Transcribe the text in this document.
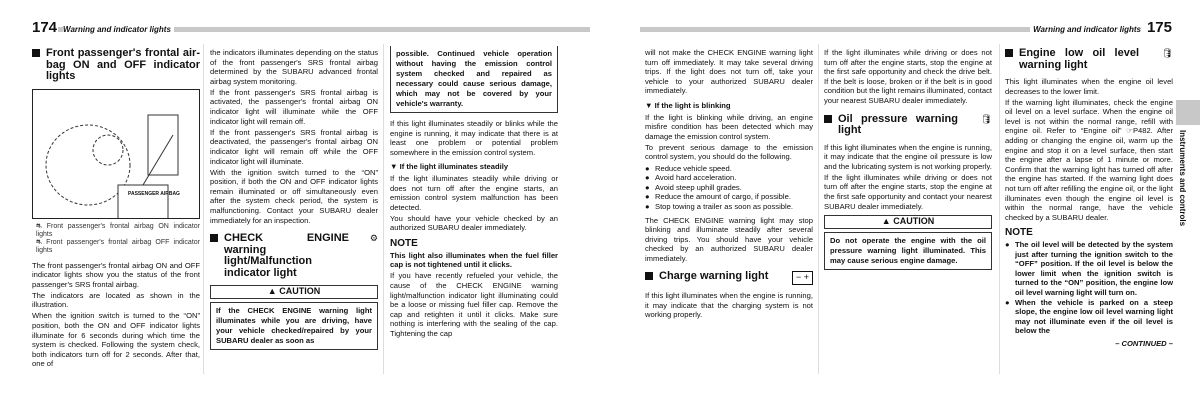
174 Warning and indicator lights	Warning and indicator lights 175
Instruments and controls
Front passenger's frontal air-bag ON and OFF indicator lights
PASSENGER AIRBAG
⛐ Front passenger's frontal airbag ON indicator lights
⛐ Front passenger's frontal airbag OFF indicator lights

The front passenger's frontal airbag ON and OFF indicator lights show you the status of the front passenger's SRS frontal airbag.

The indicators are located as shown in the illustration.

When the ignition switch is turned to the “ON” position, both the ON and OFF indicator lights illuminate for 6 seconds during which time the system is checked. Following the system check, both indicators turn off for 2 seconds. After that, one of

the indicators illuminates depending on the status of the front passenger's SRS frontal airbag determined by the SUBARU advanced frontal airbag system monitoring.

If the front passenger's SRS frontal airbag is activated, the passenger's frontal airbag ON indicator light will illuminate while the OFF indicator light will remain off.

If the front passenger's SRS frontal airbag is deactivated, the passenger's frontal airbag ON indicator light will remain off while the OFF indicator light will illuminate.

With the ignition switch turned to the “ON” position, if both the ON and OFF indicator lights remain illuminated or off simultaneously even after the system check period, the system is malfunctioning. Contact your SUBARU dealer immediately for an inspection.

CHECK ENGINE warning light/Malfunction indicator light
⚙
▲ CAUTION
If the CHECK ENGINE warning light illuminates while you are driving, have your vehicle checked/repaired by your SUBARU dealer as soon as
possible. Continued vehicle operation without having the emission control system checked and repaired as necessary could cause serious damage, which may not be covered by your vehicle's warranty.

If this light illuminates steadily or blinks while the engine is running, it may indicate that there is at least one problem or potential problem somewhere in the emission control system.

▼ If the light illuminates steadily

If the light illuminates steadily while driving or does not turn off after the engine starts, an emission control system malfunction has been detected.

You should have your vehicle checked by an authorized SUBARU dealer immediately.

NOTE

This light also illuminates when the fuel filler cap is not tightened until it clicks.

If you have recently refueled your vehicle, the cause of the CHECK ENGINE warning light/malfunction indicator light illuminating could be a loose or missing fuel filler cap. Remove the cap and retighten it until it clicks. Make sure nothing is interfering with the sealing of the cap. Tightening the cap

will not make the CHECK ENGINE warning light turn off immediately. It may take several driving trips. If the light does not turn off, take your vehicle to your authorized SUBARU dealer immediately.

▼ If the light is blinking

If the light is blinking while driving, an engine misfire condition has been detected which may damage the emission control system.

To prevent serious damage to the emission control system, you should do the following.

● Reduce vehicle speed.
● Avoid hard acceleration.
● Avoid steep uphill grades.
● Reduce the amount of cargo, if possible.
● Stop towing a trailer as soon as possible.

The CHECK ENGINE warning light may stop blinking and illuminate steadily after several driving trips. You should have your vehicle checked by an authorized SUBARU dealer immediately.

Charge warning light	− +

If this light illuminates when the engine is running, it may indicate that the charging system is not working properly.

If the light illuminates while driving or does not turn off after the engine starts, stop the engine at the first safe opportunity and check the drive belt. If the belt is loose, broken or if the belt is in good condition but the light remains illuminated, contact your nearest SUBARU dealer immediately.

Oil pressure warning light
🛢

If this light illuminates when the engine is running, it may indicate that the engine oil pressure is low and the lubricating system is not working properly.

If the light illuminates while driving or does not turn off after the engine starts, stop the engine at the first safe opportunity and contact your nearest SUBARU dealer immediately.

▲ CAUTION
Do not operate the engine with the oil pressure warning light illuminated. This may cause serious engine damage.
Engine low oil level warning light
🛢

This light illuminates when the engine oil level decreases to the lower limit.

If the warning light illuminates, check the engine oil level on a level surface. When the engine oil level is not within the normal range, refill with engine oil. Refer to “Engine oil” ☞P482. After adding or changing the engine oil, warm up the engine and stop it on a level surface, then start the engine after a lapse of 1 minute or more. Confirm that the warning light has turned off after the engine has started. If the warning light does not turn off after refilling the engine oil, or the light illuminates even though the engine oil level is within the normal range, have the vehicle checked by a SUBARU dealer.

NOTE
● The oil level will be detected by the system just after turning the ignition switch to the “OFF” position. If the oil level is below the lower limit when the ignition switch is turned to the “ON” position, the engine low oil level warning light will turn on.
● When the vehicle is parked on a steep slope, the engine low oil level warning light may not illuminate even if the oil level is below the
– CONTINUED –
